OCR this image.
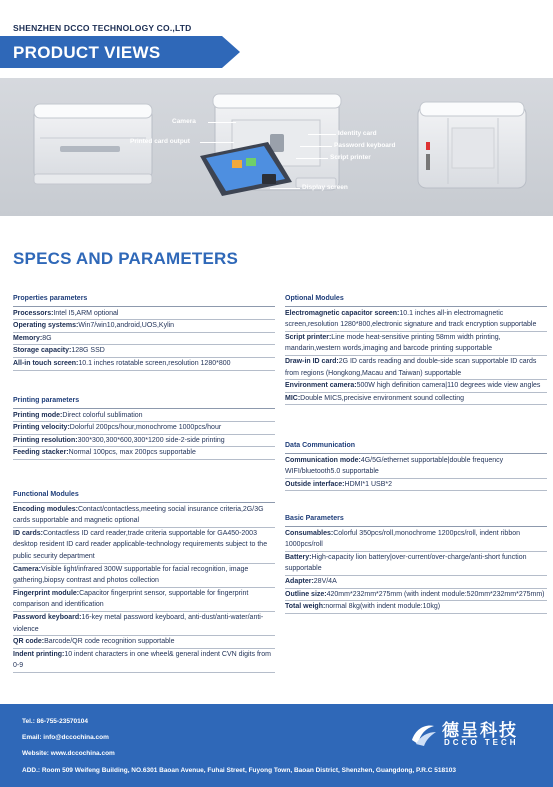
SHENZHEN DCCO TECHNOLOGY CO.,LTD
PRODUCT VIEWS
Camera
Printed card output
Identity card
Password keyboard
Script printer
Display screen
SPECS AND PARAMETERS
Properties parameters
Processors:Intel I5,ARM optional
Operating systems:Win7/win10,android,UOS,Kylin
Memory:8G
Storage capacity:128G SSD
All-in touch screen:10.1 inches rotatable screen,resolution 1280*800
Printing parameters
Printing mode:Direct colorful sublimation
Printing velocity:Dolorful 200pcs/hour,monochrome 1000pcs/hour
Printing resolution:300*300,300*600,300*1200 side-2-side printing
Feeding stacker:Normal 100pcs, max 200pcs supportable
Functional Modules
Encoding modules:Contact/contactless,meeting social insurance criteria,2G/3G cards supportable and magnetic optional
ID cards:Contactless ID card reader,trade criteria supportable for GA450-2003 desktop resident ID card reader applicable-technology requirements subject to the public security department
Camera:Visible light/infrared 300W supportable for facial recognition, image gathering,biopsy contrast and photos collection
Fingerprint module:Capacitor fingerprint sensor, supportable for fingerprint comparison and identification
Password keyboard:16-key metal password keyboard, anti-dust/anti-water/anti-violence
QR code:Barcode/QR code recognition supportable
Indent printing:10 indent characters in one wheel& general indent CVN digits from 0-9
Optional Modules
Electromagnetic capacitor screen:10.1 inches all-in electromagnetic screen,resolution 1280*800,electronic signature and track encryption supportable
Script printer:Line mode heat-sensitive printing 58mm width printing, mandarin,western words,imaging and barcode printing supportable
Draw-in ID card:2G ID cards reading and double-side scan supportable ID cards from regions (Hongkong,Macau and Taiwan) supportable
Environment camera:500W high definition camera|110 degrees wide view angles
MIC:Double MICS,precisive environment sound collecting
Data Communication
Communication mode:4G/5G/ethernet supportable|double frequency WIFI/bluetooth5.0 supportable
Outside interface:HDMI*1 USB*2
Basic Parameters
Consumables:Colorful 350pcs/roll,monochrome 1200pcs/roll, indent ribbon 1000pcs/roll
Battery:High-capacity lion battery|over-current/over-charge/anti-short function supportable
Adapter:28V/4A
Outline size:420mm*232mm*275mm (with indent module:520mm*232mm*275mm)
Total weigh:normal 8kg(with indent module:10kg)
Tel.: 86-755-23570104
Email: info@dccochina.com
Website: www.dccochina.com
ADD.: Room 509 Weifeng Building, NO.6301 Baoan Avenue, Fuhai Street, Fuyong Town, Baoan District, Shenzhen, Guangdong, P.R.C 518103
德呈科技
DCCO TECH
